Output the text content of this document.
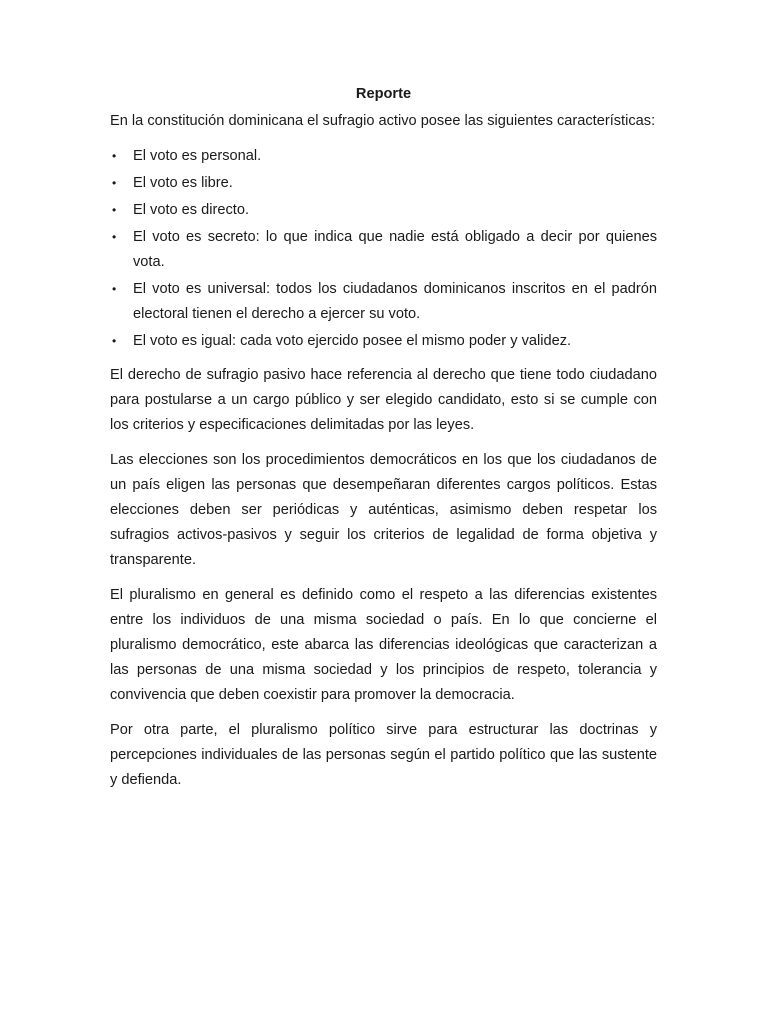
Reporte

En la constitución dominicana el sufragio activo posee las siguientes características:

• El voto es personal.
• El voto es libre.
• El voto es directo.
• El voto es secreto: lo que indica que nadie está obligado a decir por quienes vota.
• El voto es universal: todos los ciudadanos dominicanos inscritos en el padrón electoral tienen el derecho a ejercer su voto.
• El voto es igual: cada voto ejercido posee el mismo poder y validez.

El derecho de sufragio pasivo hace referencia al derecho que tiene todo ciudadano para postularse a un cargo público y ser elegido candidato, esto si se cumple con los criterios y especificaciones delimitadas por las leyes.

Las elecciones son los procedimientos democráticos en los que los ciudadanos de un país eligen las personas que desempeñaran diferentes cargos políticos. Estas elecciones deben ser periódicas y auténticas, asimismo deben respetar los sufragios activos-pasivos y seguir los criterios de legalidad de forma objetiva y transparente.

El pluralismo en general es definido como el respeto a las diferencias existentes entre los individuos de una misma sociedad o país. En lo que concierne el pluralismo democrático, este abarca las diferencias ideológicas que caracterizan a las personas de una misma sociedad y los principios de respeto, tolerancia y convivencia que deben coexistir para promover la democracia.

Por otra parte, el pluralismo político sirve para estructurar las doctrinas y percepciones individuales de las personas según el partido político que las sustente y defienda.
